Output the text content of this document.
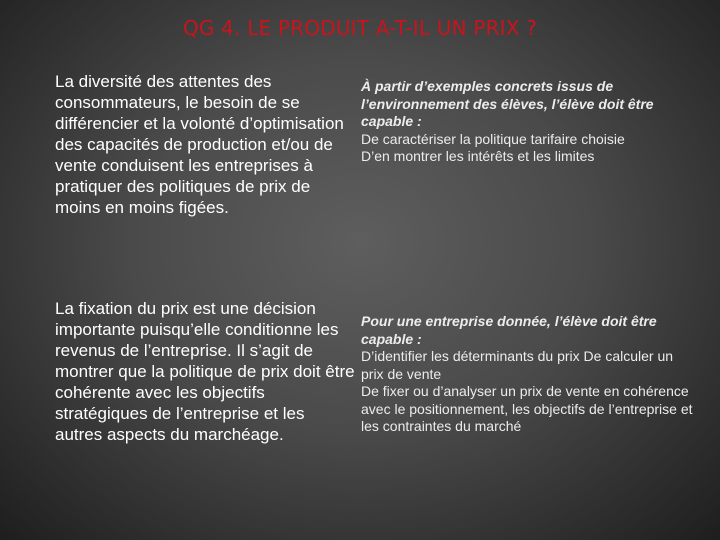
QG 4. LE PRODUIT A-T-IL UN PRIX ?

La diversité des attentes des consommateurs, le besoin de se différencier et la volonté d’optimisation des capacités de production et/ou de vente conduisent les entreprises à pratiquer des politiques de prix de moins en moins figées.

À partir d’exemples concrets issus de l’environnement des élèves, l’élève doit être capable :

De caractériser la politique tarifaire choisie

D’en montrer les intérêts et les limites

La fixation du prix est une décision importante puisqu’elle conditionne les revenus de l’entreprise. Il s’agit de montrer que la politique de prix doit être cohérente avec les objectifs stratégiques de l’entreprise et les autres aspects du marchéage.

Pour une entreprise donnée, l’élève doit être capable :

D’identifier les déterminants du prix De calculer un prix de vente

De fixer ou d’analyser un prix de vente en cohérence avec le positionnement, les objectifs de l’entreprise et les contraintes du marché
